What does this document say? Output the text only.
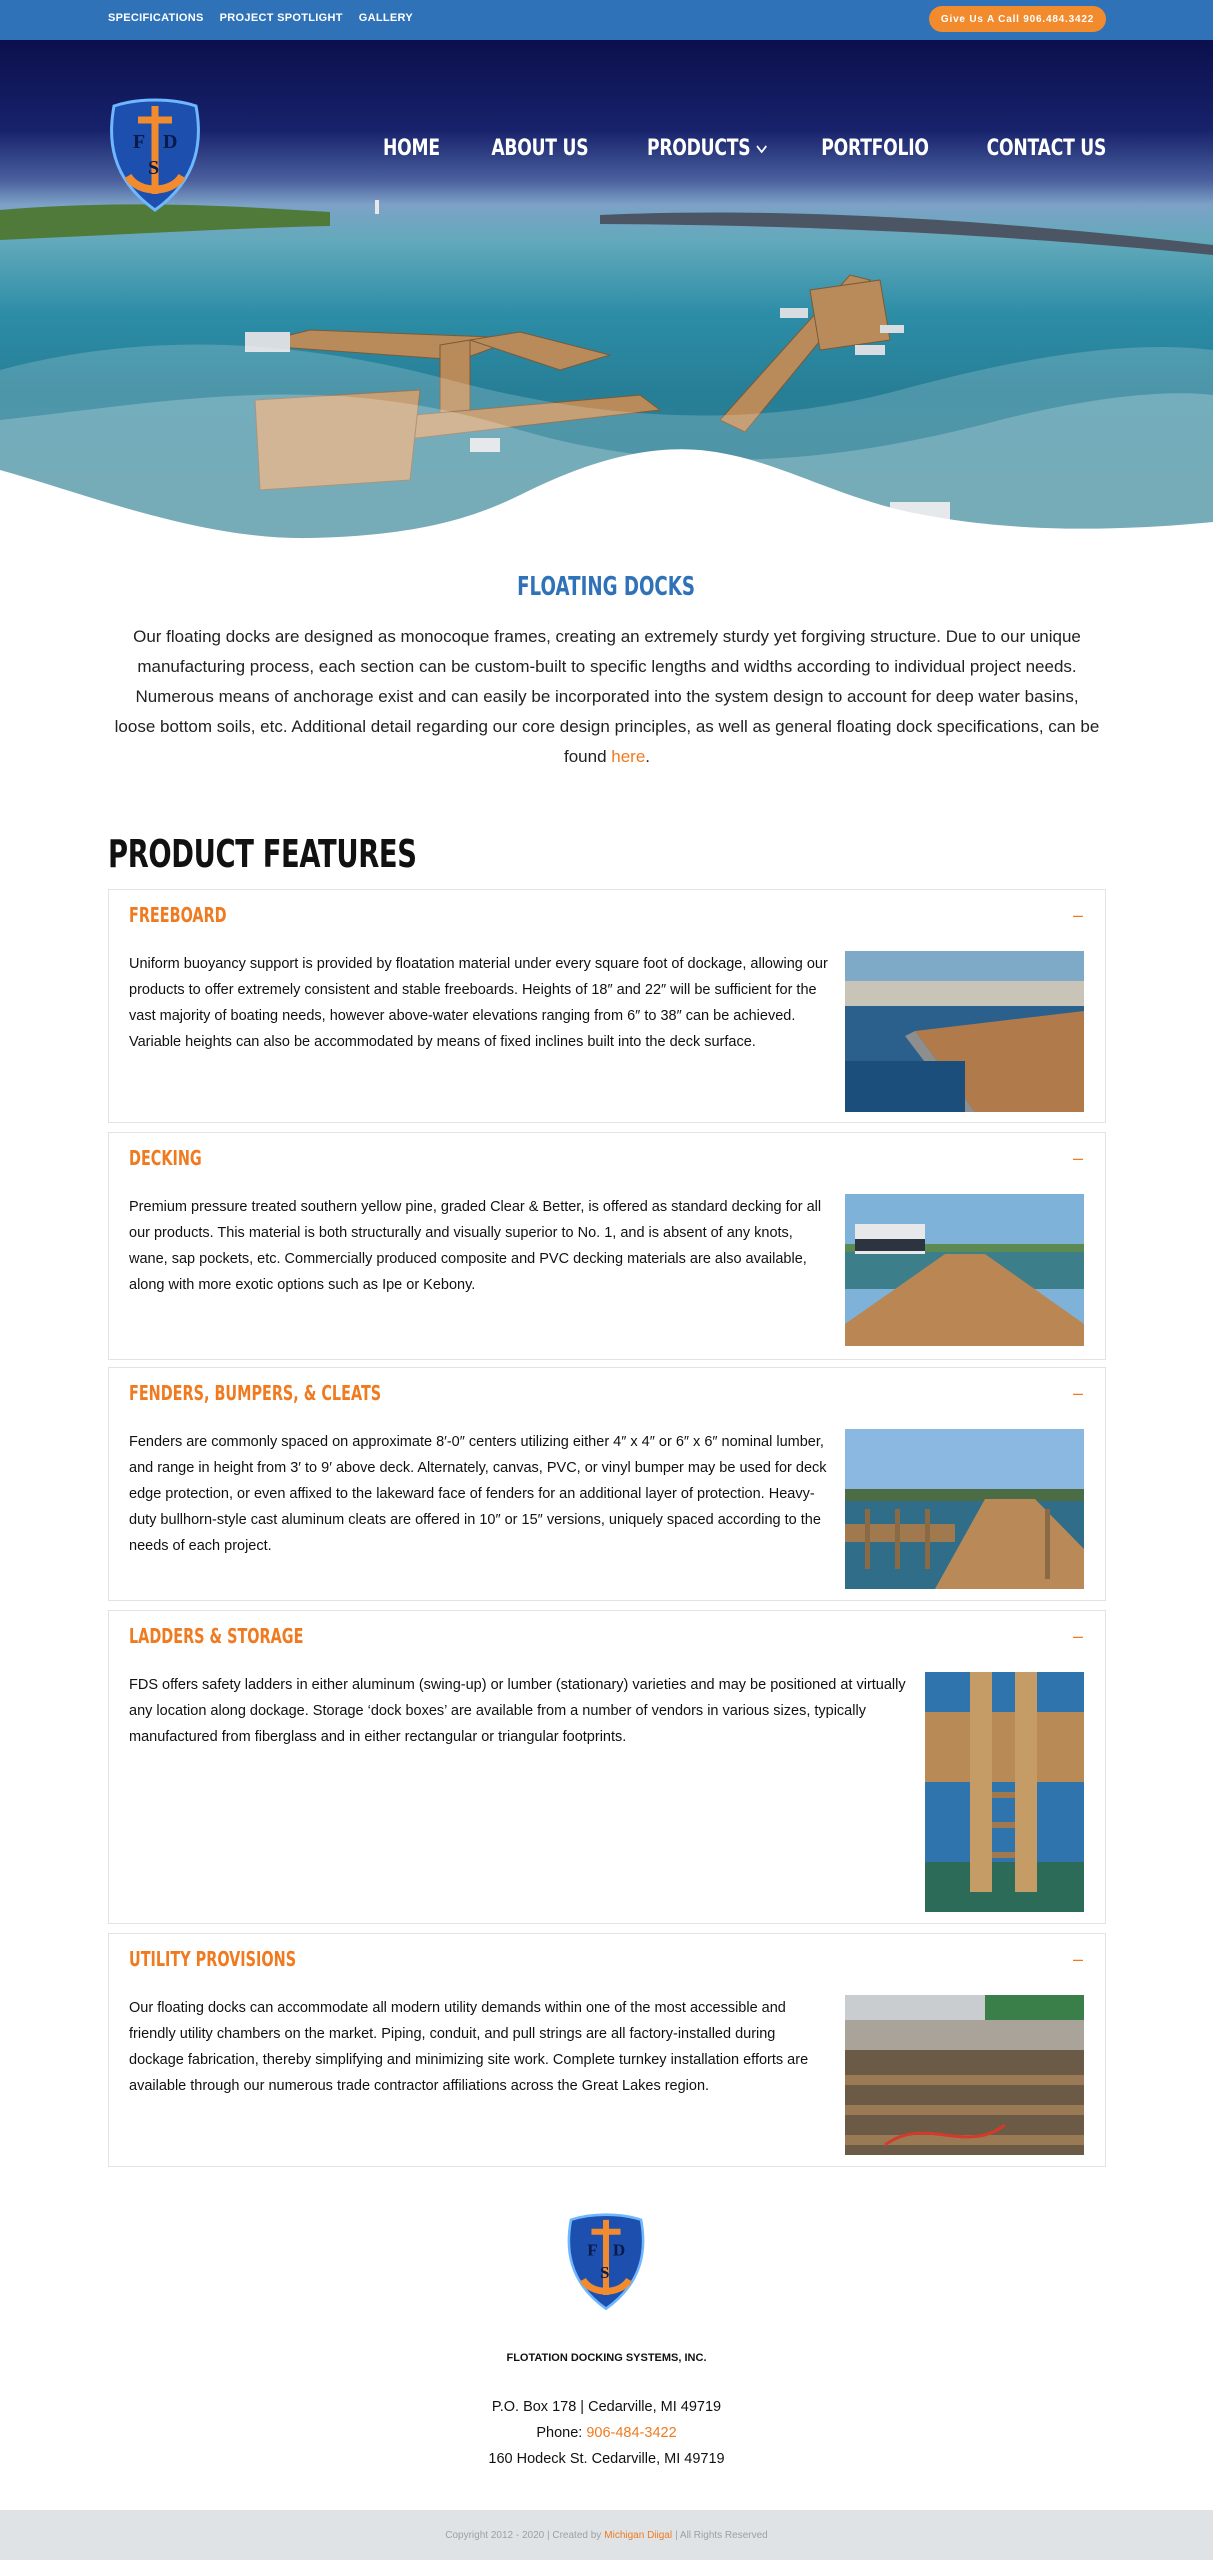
SPECIFICATIONS PROJECT SPOTLIGHT GALLERY	Give Us A Call 906.484.3422
F D
S
HOME ABOUT US	PRODUCTS	PORTFOLIO	CONTACT US
FLOATING DOCKS
Our floating docks are designed as monocoque frames, creating an extremely sturdy yet forgiving structure. Due to our unique manufacturing process, each section can be custom-built to specific lengths and widths according to individual project needs. Numerous means of anchorage exist and can easily be incorporated into the system design to account for deep water basins, loose bottom soils, etc. Additional detail regarding our core design principles, as well as general floating dock specifications, can be found here.
PRODUCT FEATURES
FREEBOARD	–
Uniform buoyancy support is provided by floatation material under every square foot of dockage, allowing our products to offer extremely consistent and stable freeboards. Heights of 18″ and 22″ will be sufficient for the vast majority of boating needs, however above-water elevations ranging from 6″ to 38″ can be achieved. Variable heights can also be accommodated by means of fixed inclines built into the deck surface.
DECKING	–
Premium pressure treated southern yellow pine, graded Clear & Better, is offered as standard decking for all our products. This material is both structurally and visually superior to No. 1, and is absent of any knots, wane, sap pockets, etc. Commercially produced composite and PVC decking materials are also available, along with more exotic options such as Ipe or Kebony.
FENDERS, BUMPERS, & CLEATS	–
Fenders are commonly spaced on approximate 8′-0″ centers utilizing either 4″ x 4″ or 6″ x 6″ nominal lumber, and range in height from 3′ to 9′ above deck. Alternately, canvas, PVC, or vinyl bumper may be used for deck edge protection, or even affixed to the lakeward face of fenders for an additional layer of protection. Heavy-duty bullhorn-style cast aluminum cleats are offered in 10″ or 15″ versions, uniquely spaced according to the needs of each project.
LADDERS & STORAGE	–
FDS offers safety ladders in either aluminum (swing-up) or lumber (stationary) varieties and may be positioned at virtually any location along dockage. Storage ‘dock boxes’ are available from a number of vendors in various sizes, typically manufactured from fiberglass and in either rectangular or triangular footprints.
UTILITY PROVISIONS	–
Our floating docks can accommodate all modern utility demands within one of the most accessible and friendly utility chambers on the market. Piping, conduit, and pull strings are all factory-installed during dockage fabrication, thereby simplifying and minimizing site work. Complete turnkey installation efforts are available through our numerous trade contractor affiliations across the Great Lakes region.
F D
S
FLOTATION DOCKING SYSTEMS, INC.
P.O. Box 178 | Cedarville, MI 49719
Phone: 906-484-3422
160 Hodeck St. Cedarville, MI 49719
Copyright 2012 - 2020 | Created by Michigan Diigal | All Rights Reserved
